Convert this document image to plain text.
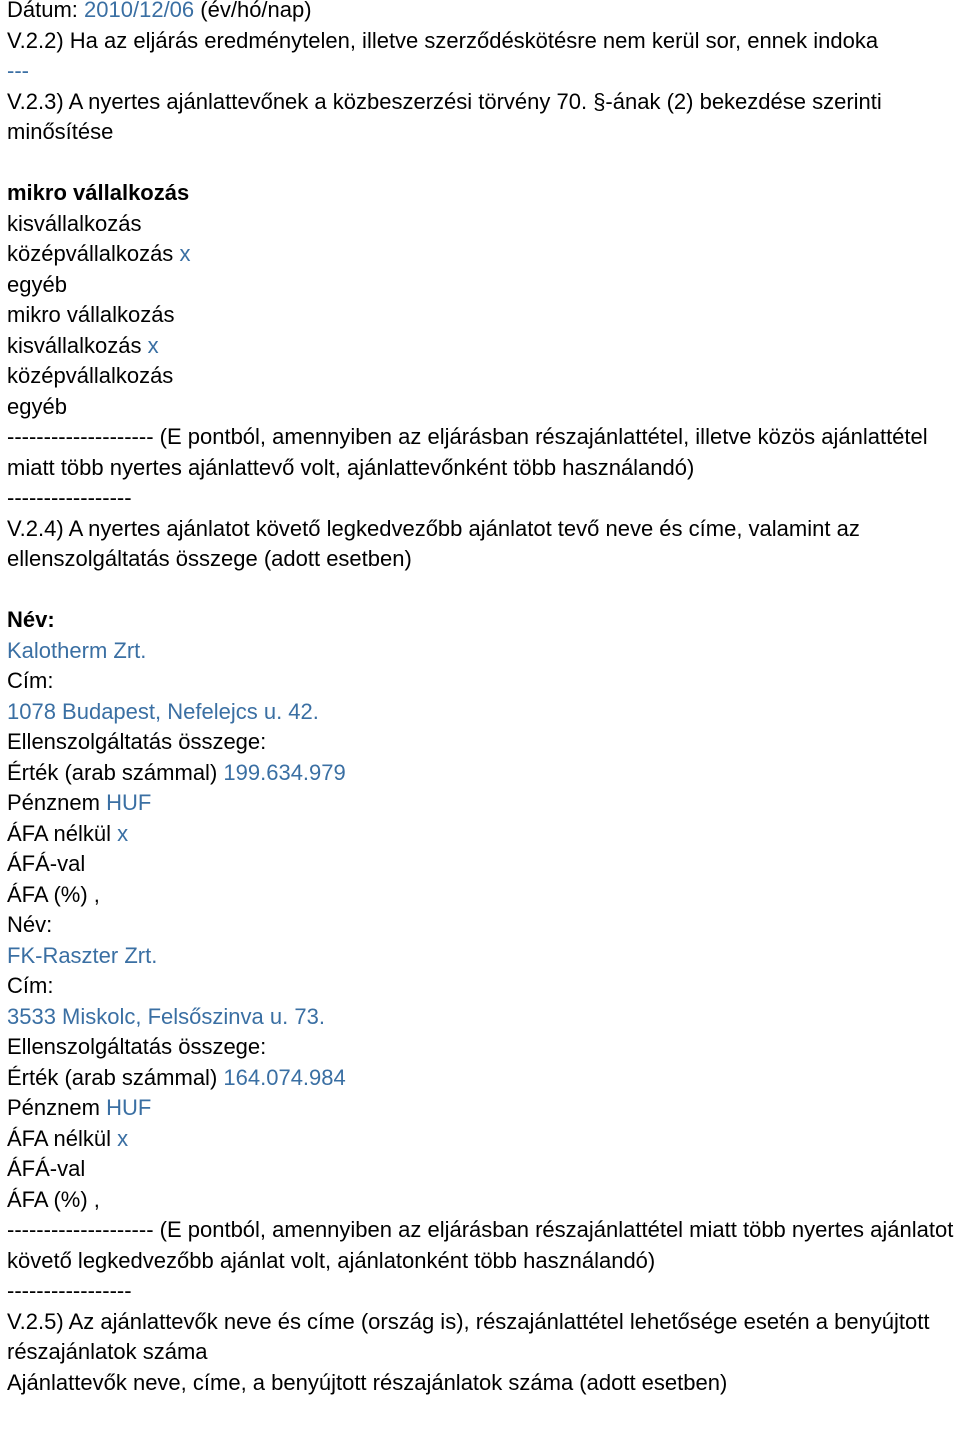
Dátum: 2010/12/06 (év/hó/nap)
V.2.2) Ha az eljárás eredménytelen, illetve szerződéskötésre nem kerül sor, ennek indoka
---
V.2.3) A nyertes ajánlattevőnek a közbeszerzési törvény 70. §-ának (2) bekezdése szerinti minősítése
mikro vállalkozás
kisvállalkozás
középvállalkozás x
egyéb
mikro vállalkozás
kisvállalkozás x
középvállalkozás
egyéb
-------------------- (E pontból, amennyiben az eljárásban részajánlattétel, illetve közös ajánlattétel miatt több nyertes ajánlattevő volt, ajánlattevőnként több használandó)
-----------------
V.2.4) A nyertes ajánlatot követő legkedvezőbb ajánlatot tevő neve és címe, valamint az ellenszolgáltatás összege (adott esetben)
Név:
Kalotherm Zrt.
Cím:
1078 Budapest, Nefelejcs u. 42.
Ellenszolgáltatás összege:
Érték (arab számmal) 199.634.979
Pénznem HUF
ÁFA nélkül x
ÁFÁ-val
ÁFA (%) ,
Név:
FK-Raszter Zrt.
Cím:
3533 Miskolc, Felsőszinva u. 73.
Ellenszolgáltatás összege:
Érték (arab számmal) 164.074.984
Pénznem HUF
ÁFA nélkül x
ÁFÁ-val
ÁFA (%) ,
-------------------- (E pontból, amennyiben az eljárásban részajánlattétel miatt több nyertes ajánlatot követő legkedvezőbb ajánlat volt, ajánlatonként több használandó)
-----------------
V.2.5) Az ajánlattevők neve és címe (ország is), részajánlattétel lehetősége esetén a benyújtott részajánlatok száma
Ajánlattevők neve, címe, a benyújtott részajánlatok száma (adott esetben)
